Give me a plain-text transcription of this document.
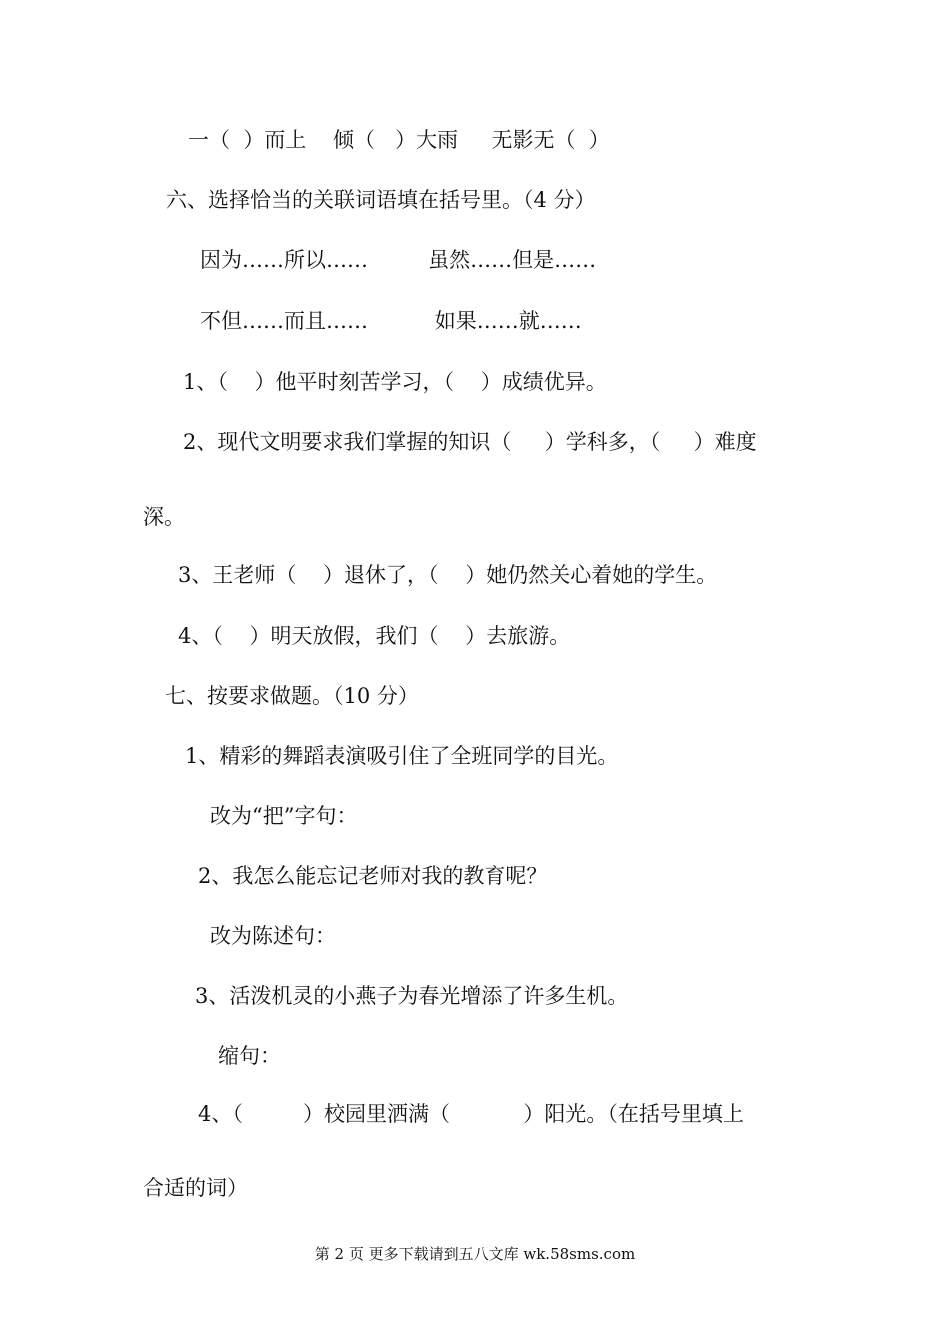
一（  ）而上    倾（   ）大雨     无影无（  ）
六、选择恰当的关联词语填在括号里。（4 分）
因为……所以……         虽然……但是……
不但……而且……          如果……就……
1、（    ）他平时刻苦学习，（    ）成绩优异。
2、现代文明要求我们掌握的知识（     ）学科多，（     ）难度
深。
3、王老师（    ）退休了，（    ）她仍然关心着她的学生。
4、（    ）明天放假，我们（    ）去旅游。
七、按要求做题。（10 分）
1、精彩的舞蹈表演吸引住了全班同学的目光。
改为“把”字句：
2、我怎么能忘记老师对我的教育呢？
改为陈述句：
3、活泼机灵的小燕子为春光增添了许多生机。
缩句：
4、（         ）校园里洒满（           ）阳光。（在括号里填上
合适的词）
第 2 页 更多下载请到五八文库 wk.58sms.com
